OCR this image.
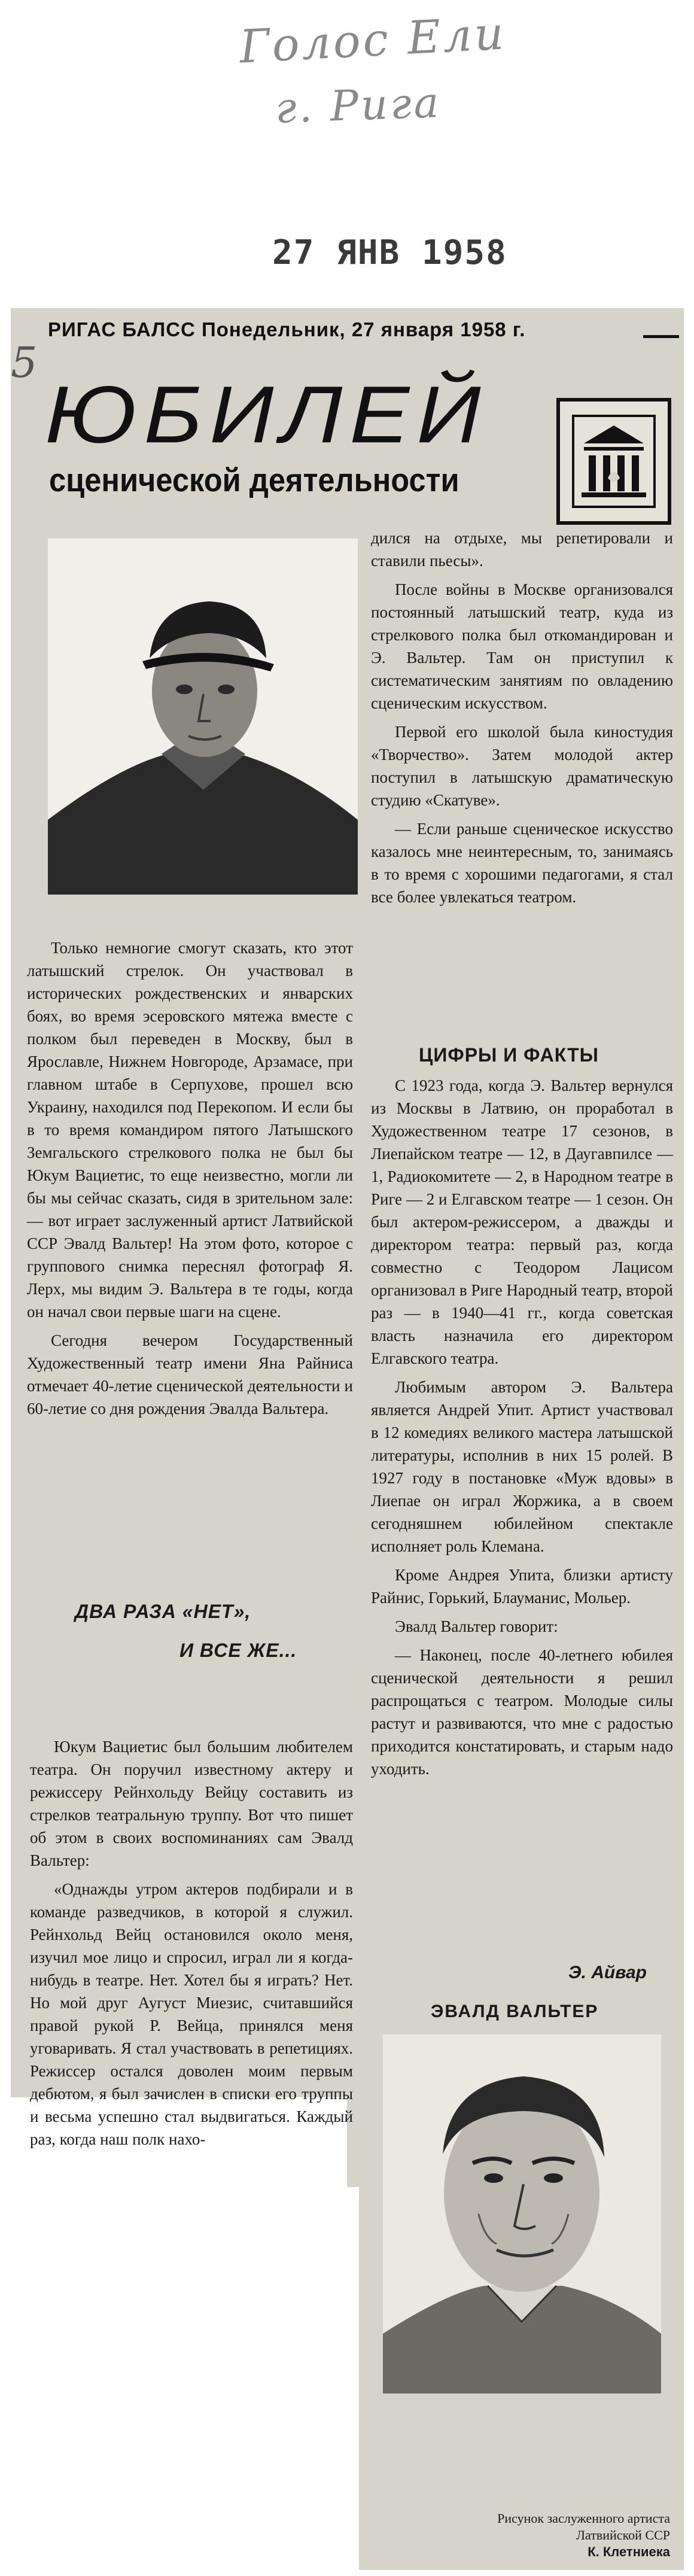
Голос Ели
г. Рига
27 ЯНВ 1958
РИГАС БАЛСС Понедельник, 27 января 1958 г.
5
ЮБИЛЕЙ
сценической деятельности

Только немногие смогут сказать, кто этот латышский стрелок. Он участвовал в исторических рождественских и январских боях, во время эсеровского мятежа вместе с полком был переведен в Москву, был в Ярославле, Нижнем Новгороде, Арзамасе, при главном штабе в Серпухове, прошел всю Украину, находился под Перекопом. И если бы в то время командиром пятого Латышского Земгальского стрелкового полка не был бы Юкум Вациетис, то еще неизвестно, могли ли бы мы сейчас сказать, сидя в зрительном зале: — вот играет заслуженный артист Латвийской ССР Эвалд Вальтер! На этом фото, которое с группового снимка переснял фотограф Я. Лерх, мы видим Э. Вальтера в те годы, когда он начал свои первые шаги на сцене.

Сегодня вечером Государственный Художественный театр имени Яна Райниса отмечает 40-летие сценической деятельности и 60-летие со дня рождения Эвалда Вальтера.

ДВА РАЗА «НЕТ»,
И ВСЕ ЖЕ...

Юкум Вациетис был большим любителем театра. Он поручил известному актеру и режиссеру Рейнхольду Вейцу составить из стрелков театральную труппу. Вот что пишет об этом в своих воспоминаниях сам Эвалд Вальтер:

«Однажды утром актеров подбирали и в команде разведчиков, в которой я служил. Рейнхольд Вейц остановился около меня, изучил мое лицо и спросил, играл ли я когда-нибудь в театре. Нет. Хотел бы я играть? Нет. Но мой друг Аугуст Миезис, считавшийся правой рукой Р. Вейца, принялся меня уговаривать. Я стал участвовать в репетициях. Режиссер остался доволен моим первым дебютом, я был зачислен в списки его труппы и весьма успешно стал выдвигаться. Каждый раз, когда наш полк нахо-

дился на отдыхе, мы репетировали и ставили пьесы».

После войны в Москве организовался постоянный латышский театр, куда из стрелкового полка был откомандирован и Э. Вальтер. Там он приступил к систематическим занятиям по овладению сценическим искусством.

Первой его школой была киностудия «Творчество». Затем молодой актер поступил в латышскую драматическую студию «Скатуве».

— Если раньше сценическое искусство казалось мне неинтересным, то, занимаясь в то время с хорошими педагогами, я стал все более увлекаться театром.

ЦИФРЫ И ФАКТЫ

С 1923 года, когда Э. Вальтер вернулся из Москвы в Латвию, он проработал в Художественном театре 17 сезонов, в Лиепайском театре — 12, в Даугавпилсе — 1, Радиокомитете — 2, в Народном театре в Риге — 2 и Елгавском театре — 1 сезон. Он был актером-режиссером, а дважды и директором театра: первый раз, когда совместно с Теодором Лацисом организовал в Риге Народный театр, второй раз — в 1940—41 гг., когда советская власть назначила его директором Елгавского театра.

Любимым автором Э. Вальтера является Андрей Упит. Артист участвовал в 12 комедиях великого мастера латышской литературы, исполнив в них 15 ролей. В 1927 году в постановке «Муж вдовы» в Лиепае он играл Жоржика, а в своем сегодняшнем юбилейном спектакле исполняет роль Клемана.

Кроме Андрея Упита, близки артисту Райнис, Горький, Блауманис, Мольер.

Эвалд Вальтер говорит:

— Наконец, после 40-летнего юбилея сценической деятельности я решил распрощаться с театром. Молодые силы растут и развиваются, что мне с радостью приходится констатировать, и старым надо уходить.

Э. Айвар
ЭВАЛД ВАЛЬТЕР
Рисунок заслуженного артиста Латвийской ССР
К. Клетниека
